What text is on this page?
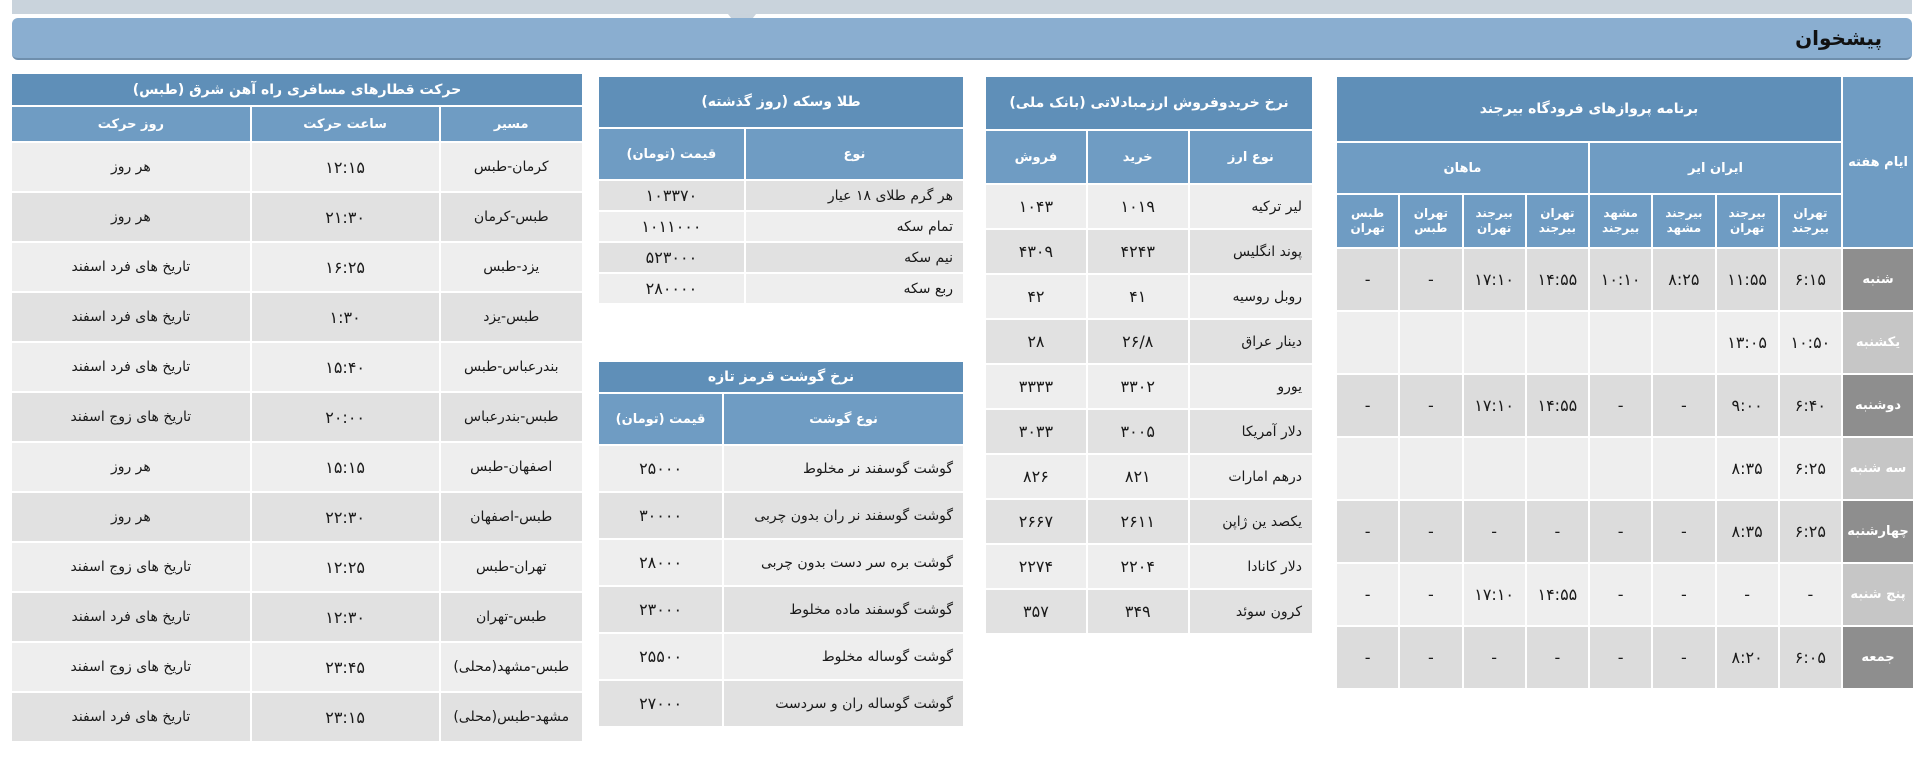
پیشخوان
ایام هفته	برنامه پروازهای فرودگاه بیرجند							
	ایران ایر				ماهان			
	تهران بیرجند	بیرجند تهران	بیرجند مشهد	مشهد بیرجند	تهران بیرجند	بیرجند تهران	تهران طبس	طبس تهران
شنبه	۶:۱۵	۱۱:۵۵	۸:۲۵	۱۰:۱۰	۱۴:۵۵	۱۷:۱۰	-	-
یکشنبه	۱۰:۵۰	۱۳:۰۵						
دوشنبه	۶:۴۰	۹:۰۰	-	-	۱۴:۵۵	۱۷:۱۰	-	-
سه شنبه	۶:۲۵	۸:۳۵						
چهارشنبه	۶:۲۵	۸:۳۵	-	-	-	-	-	-
پنج شنبه	-	-	-	-	۱۴:۵۵	۱۷:۱۰	-	-
جمعه	۶:۰۵	۸:۲۰	-	-	-	-	-	-
نرخ خریدوفروش ارزمبادلاتی (بانک ملی)		
نوع ارز	خرید	فروش
لیر ترکیه	۱۰۱۹	۱۰۴۳
پوند انگلیس	۴۲۴۳	۴۳۰۹
روبل روسیه	۴۱	۴۲
دینار عراق	۲۶/۸	۲۸
یورو	۳۳۰۲	۳۳۳۳
دلار آمریکا	۳۰۰۵	۳۰۳۳
درهم امارات	۸۲۱	۸۲۶
یکصد ین ژاپن	۲۶۱۱	۲۶۶۷
دلار کانادا	۲۲۰۴	۲۲۷۴
کرون سوئد	۳۴۹	۳۵۷
طلا وسکه (روز گذشته)	
نوع	قیمت (تومان)
هر گرم طلای ۱۸ عیار	۱۰۳۳۷۰
تمام سکه	۱۰۱۱۰۰۰
نیم سکه	۵۲۳۰۰۰
ربع سکه	۲۸۰۰۰۰
نرخ گوشت قرمز تازه	
نوع گوشت	قیمت (تومان)
گوشت گوسفند نر مخلوط	۲۵۰۰۰
گوشت گوسفند نر ران بدون چربی	۳۰۰۰۰
گوشت بره سر دست بدون چربی	۲۸۰۰۰
گوشت گوسفند ماده مخلوط	۲۳۰۰۰
گوشت گوساله مخلوط	۲۵۵۰۰
گوشت گوساله ران و سردست	۲۷۰۰۰
حرکت قطارهای مسافری راه آهن شرق (طبس)		
مسیر	ساعت حرکت	روز حرکت
کرمان-طبس	۱۲:۱۵	هر روز
طبس-کرمان	۲۱:۳۰	هر روز
یزد-طبس	۱۶:۲۵	تاریخ های فرد اسفند
طبس-یزد	۱:۳۰	تاریخ های فرد اسفند
بندرعباس-طبس	۱۵:۴۰	تاریخ های فرد اسفند
طبس-بندرعباس	۲۰:۰۰	تاریخ های زوج اسفند
اصفهان-طبس	۱۵:۱۵	هر روز
طبس-اصفهان	۲۲:۳۰	هر روز
تهران-طبس	۱۲:۲۵	تاریخ های زوج اسفند
طبس-تهران	۱۲:۳۰	تاریخ های فرد اسفند
طبس-مشهد(محلی)	۲۳:۴۵	تاریخ های زوج اسفند
مشهد-طبس(محلی)	۲۳:۱۵	تاریخ های فرد اسفند
